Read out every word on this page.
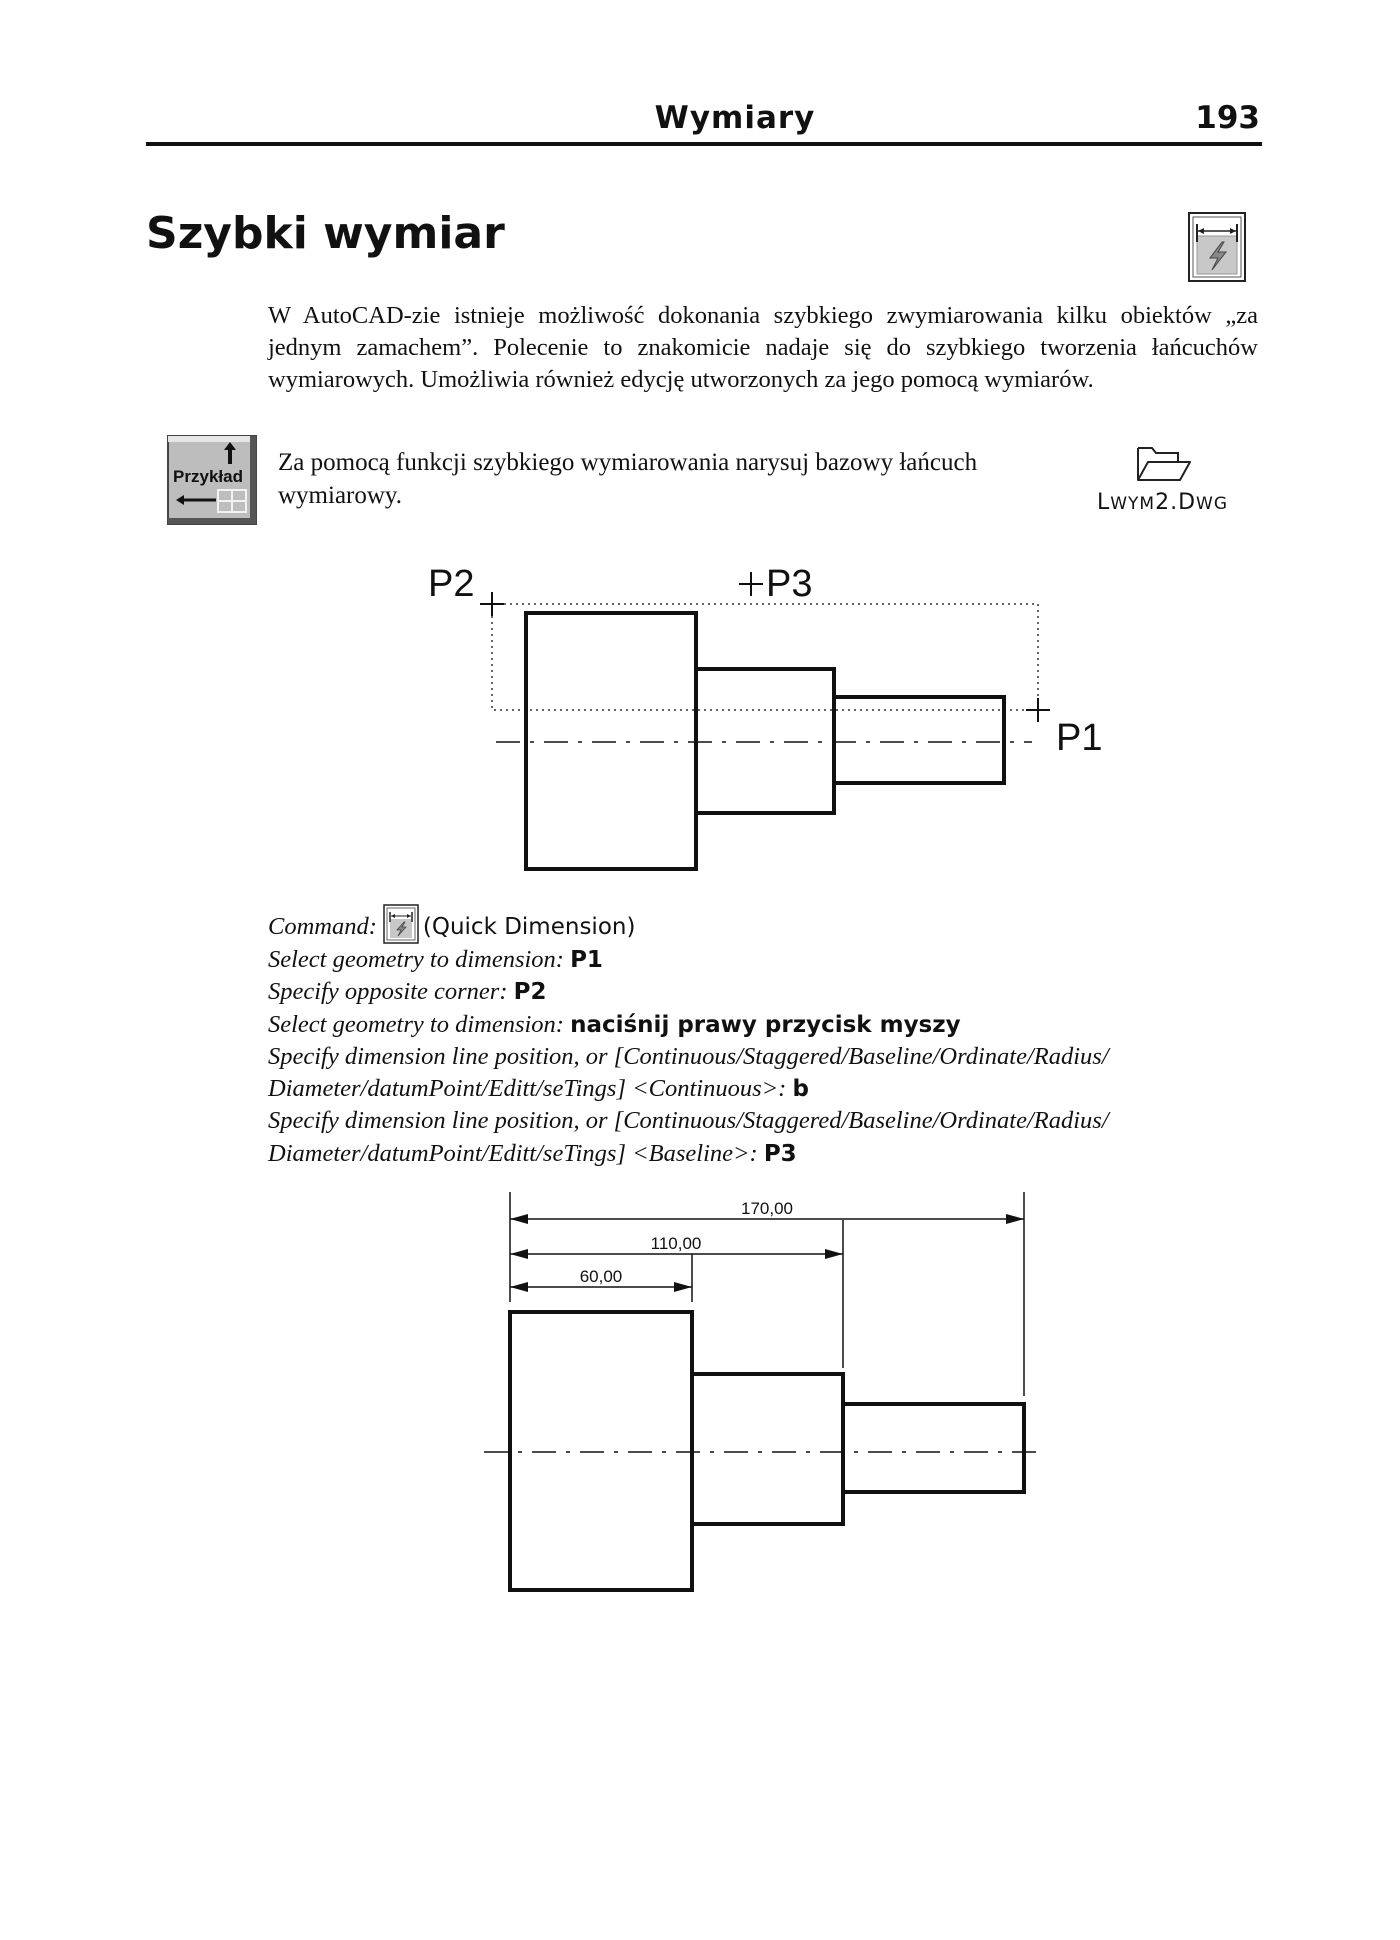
Wymiary	193
Szybki wymiar
W AutoCAD-zie istnieje możliwość dokonania szybkiego zwymiarowania kilku obiektów „za jednym zamachem”. Polecenie to znakomicie nadaje się do szybkiego tworzenia łańcuchów wymiarowych. Umożliwia również edycję utworzonych za jego pomocą wymiarów.
Przykład
Za pomocą funkcji szybkiego wymiarowania narysuj bazowy łańcuch wymiarowy.	LWYM2.DWG
P2	P3
P1
Command: (Quick Dimension)
Select geometry to dimension: P1
Specify opposite corner: P2
Select geometry to dimension: naciśnij prawy przycisk myszy
Specify dimension line position, or [Continuous/Staggered/Baseline/Ordinate/Radius/
Diameter/datumPoint/Editt/seTings] <Continuous>: b
Specify dimension line position, or [Continuous/Staggered/Baseline/Ordinate/Radius/
Diameter/datumPoint/Editt/seTings] <Baseline>: P3
170,00
110,00
60,00
